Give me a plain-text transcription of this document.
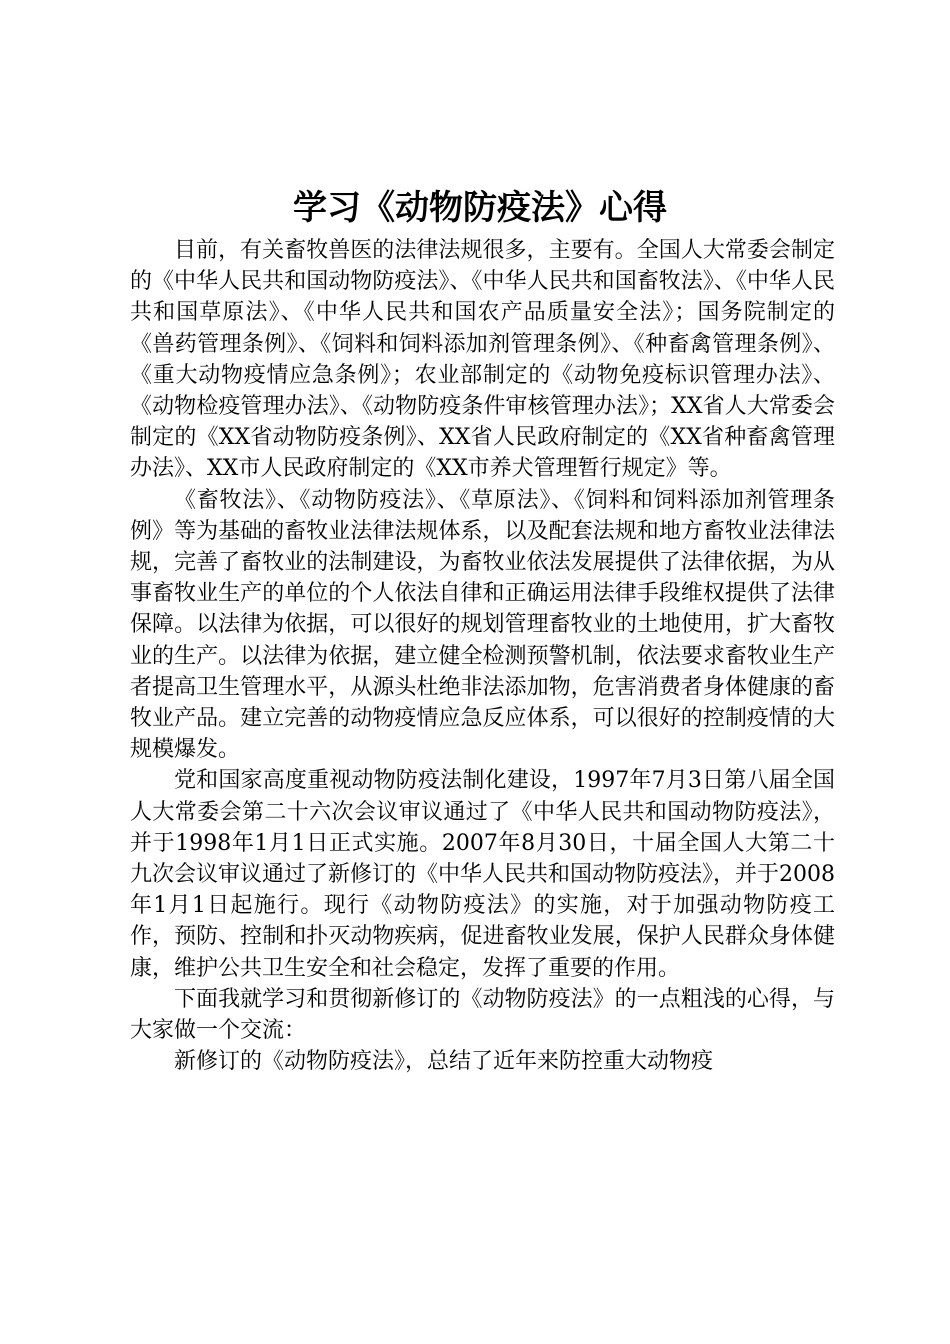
学习《动物防疫法》心得

目前，有关畜牧兽医的法律法规很多，主要有。全国人大常委会制定的《中华人民共和国动物防疫法》、《中华人民共和国畜牧法》、《中华人民共和国草原法》、《中华人民共和国农产品质量安全法》；国务院制定的《兽药管理条例》、《饲料和饲料添加剂管理条例》、《种畜禽管理条例》、《重大动物疫情应急条例》；农业部制定的《动物免疫标识管理办法》、《动物检疫管理办法》、《动物防疫条件审核管理办法》；XX省人大常委会制定的《XX省动物防疫条例》、XX省人民政府制定的《XX省种畜禽管理办法》、XX市人民政府制定的《XX市养犬管理暂行规定》等。

《畜牧法》、《动物防疫法》、《草原法》、《饲料和饲料添加剂管理条例》等为基础的畜牧业法律法规体系，以及配套法规和地方畜牧业法律法规，完善了畜牧业的法制建设，为畜牧业依法发展提供了法律依据，为从事畜牧业生产的单位的个人依法自律和正确运用法律手段维权提供了法律保障。以法律为依据，可以很好的规划管理畜牧业的土地使用，扩大畜牧业的生产。以法律为依据，建立健全检测预警机制，依法要求畜牧业生产者提高卫生管理水平，从源头杜绝非法添加物，危害消费者身体健康的畜牧业产品。建立完善的动物疫情应急反应体系，可以很好的控制疫情的大规模爆发。

党和国家高度重视动物防疫法制化建设，1997年7月3日第八届全国人大常委会第二十六次会议审议通过了《中华人民共和国动物防疫法》，并于1998年1月1日正式实施。2007年8月30日，十届全国人大第二十九次会议审议通过了新修订的《中华人民共和国动物防疫法》，并于2008年1月1日起施行。现行《动物防疫法》的实施，对于加强动物防疫工作，预防、控制和扑灭动物疾病，促进畜牧业发展，保护人民群众身体健康，维护公共卫生安全和社会稳定，发挥了重要的作用。

下面我就学习和贯彻新修订的《动物防疫法》的一点粗浅的心得，与大家做一个交流：

新修订的《动物防疫法》，总结了近年来防控重大动物疫
